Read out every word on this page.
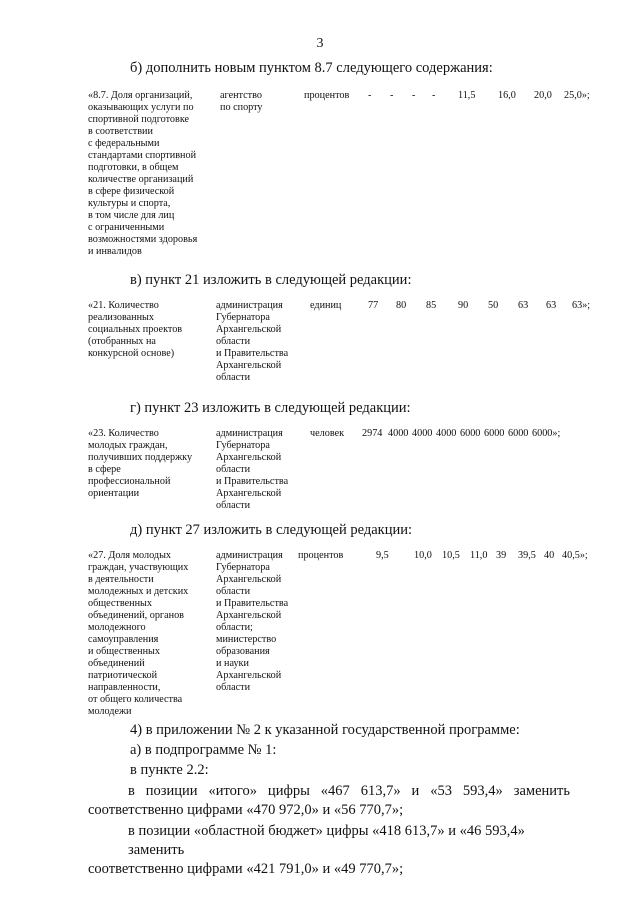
3
б) дополнить новым пунктом 8.7 следующего содержания:
«8.7. Доля организаций,
оказывающих услуги по
спортивной подготовке
в соответствии
с федеральными
стандартами спортивной
подготовки, в общем
количестве организаций
в сфере физической
культуры и спорта,
в том числе для лиц
с ограниченными
возможностями здоровья
и инвалидов
агентство
по спорту
процентов - - - - 11,5 16,0 20,0 25,0»;
в) пункт 21 изложить в следующей редакции:
«21. Количество
реализованных
социальных проектов
(отобранных на
конкурсной основе)
администрация
Губернатора
Архангельской
области
и Правительства
Архангельской
области
единиц	77 80 85 90 50 63 63 63»;
г) пункт 23 изложить в следующей редакции:
«23. Количество
молодых граждан,
получивших поддержку
в сфере
профессиональной
ориентации
администрация
Губернатора
Архангельской
области
и Правительства
Архангельской
области
человек 2974 4000 4000 4000 6000 6000 6000 6000»;
д) пункт 27 изложить в следующей редакции:
«27. Доля молодых
граждан, участвующих
в деятельности
молодежных и детских
общественных
объединений, органов
молодежного
самоуправления
и общественных
объединений
патриотической
направленности,
от общего количества
молодежи
администрация
Губернатора
Архангельской
области
и Правительства
Архангельской
области;
министерство
образования
и науки
Архангельской
области
процентов	9,5 10,0 10,5 11,0 39 39,5 40 40,5»;
4) в приложении № 2 к указанной государственной программе:
а) в подпрограмме № 1:
в пункте 2.2:
в позиции «итого» цифры «467 613,7» и «53 593,4» заменить
соответственно цифрами «470 972,0» и «56 770,7»;
в позиции «областной бюджет» цифры «418 613,7» и «46 593,4» заменить
соответственно цифрами «421 791,0» и «49 770,7»;
